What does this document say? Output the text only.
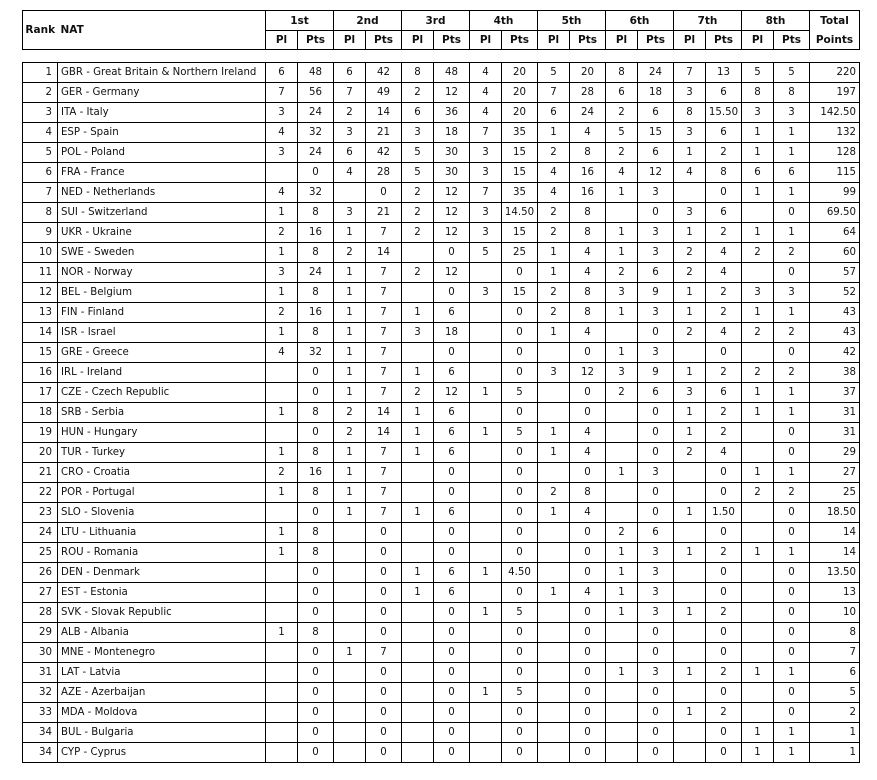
Rank	NAT	1st		2nd		3rd		4th		5th		6th		7th		8th		Total
		Pl	Pts	Pl	Pts	Pl	Pts	Pl	Pts	Pl	Pts	Pl	Pts	Pl	Pts	Pl	Pts	Points

1	GBR - Great Britain & Northern Ireland	6	48	6	42	8	48	4	20	5	20	8	24	7	13	5	5	220
2	GER - Germany	7	56	7	49	2	12	4	20	7	28	6	18	3	6	8	8	197
3	ITA - Italy	3	24	2	14	6	36	4	20	6	24	2	6	8	15.50	3	3	142.50
4	ESP - Spain	4	32	3	21	3	18	7	35	1	4	5	15	3	6	1	1	132
5	POL - Poland	3	24	6	42	5	30	3	15	2	8	2	6	1	2	1	1	128
6	FRA - France		0	4	28	5	30	3	15	4	16	4	12	4	8	6	6	115
7	NED - Netherlands	4	32		0	2	12	7	35	4	16	1	3		0	1	1	99
8	SUI - Switzerland	1	8	3	21	2	12	3	14.50	2	8		0	3	6		0	69.50
9	UKR - Ukraine	2	16	1	7	2	12	3	15	2	8	1	3	1	2	1	1	64
10	SWE - Sweden	1	8	2	14		0	5	25	1	4	1	3	2	4	2	2	60
11	NOR - Norway	3	24	1	7	2	12		0	1	4	2	6	2	4		0	57
12	BEL - Belgium	1	8	1	7		0	3	15	2	8	3	9	1	2	3	3	52
13	FIN - Finland	2	16	1	7	1	6		0	2	8	1	3	1	2	1	1	43
14	ISR - Israel	1	8	1	7	3	18		0	1	4		0	2	4	2	2	43
15	GRE - Greece	4	32	1	7		0		0		0	1	3		0		0	42
16	IRL - Ireland		0	1	7	1	6		0	3	12	3	9	1	2	2	2	38
17	CZE - Czech Republic		0	1	7	2	12	1	5		0	2	6	3	6	1	1	37
18	SRB - Serbia	1	8	2	14	1	6		0		0		0	1	2	1	1	31
19	HUN - Hungary		0	2	14	1	6	1	5	1	4		0	1	2		0	31
20	TUR - Turkey	1	8	1	7	1	6		0	1	4		0	2	4		0	29
21	CRO - Croatia	2	16	1	7		0		0		0	1	3		0	1	1	27
22	POR - Portugal	1	8	1	7		0		0	2	8		0		0	2	2	25
23	SLO - Slovenia		0	1	7	1	6		0	1	4		0	1	1.50		0	18.50
24	LTU - Lithuania	1	8		0		0		0		0	2	6		0		0	14
25	ROU - Romania	1	8		0		0		0		0	1	3	1	2	1	1	14
26	DEN - Denmark		0		0	1	6	1	4.50		0	1	3		0		0	13.50
27	EST - Estonia		0		0	1	6		0	1	4	1	3		0		0	13
28	SVK - Slovak Republic		0		0		0	1	5		0	1	3	1	2		0	10
29	ALB - Albania	1	8		0		0		0		0		0		0		0	8
30	MNE - Montenegro		0	1	7		0		0		0		0		0		0	7
31	LAT - Latvia		0		0		0		0		0	1	3	1	2	1	1	6
32	AZE - Azerbaijan		0		0		0	1	5		0		0		0		0	5
33	MDA - Moldova		0		0		0		0		0		0	1	2		0	2
34	BUL - Bulgaria		0		0		0		0		0		0		0	1	1	1
34	CYP - Cyprus		0		0		0		0		0		0		0	1	1	1
